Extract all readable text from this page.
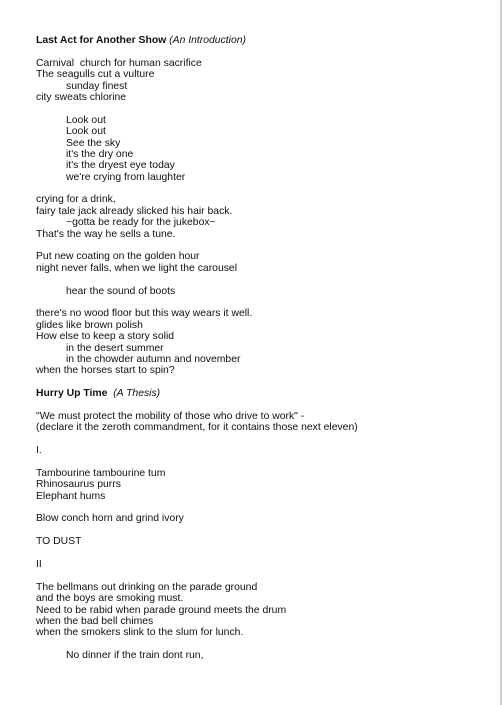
Last Act for Another Show (An Introduction)
Carnival  church for human sacrifice
The seagulls cut a vulture
sunday finest
city sweats chlorine
Look out
Look out
See the sky
it's the dry one
it's the dryest eye today
we're crying from laughter
crying for a drink,
fairy tale jack already slicked his hair back.
~gotta be ready for the jukebox~
That's the way he sells a tune.
Put new coating on the golden hour
night never falls, when we light the carousel
hear the sound of boots
there's no wood floor but this way wears it well.
glides like brown polish
How else to keep a story solid
in the desert summer
in the chowder autumn and november
when the horses start to spin?
Hurry Up Time (A Thesis)
"We must protect the mobility of those who drive to work" -
(declare it the zeroth commandment, for it contains those next eleven)
I.
Tambourine tambourine tum
Rhinosaurus purrs
Elephant hums
Blow conch horn and grind ivory
TO DUST
II
The bellmans out drinking on the parade ground
and the boys are smoking must.
Need to be rabid when parade ground meets the drum
when the bad bell chimes
when the smokers slink to the slum for lunch.
No dinner if the train dont run,
